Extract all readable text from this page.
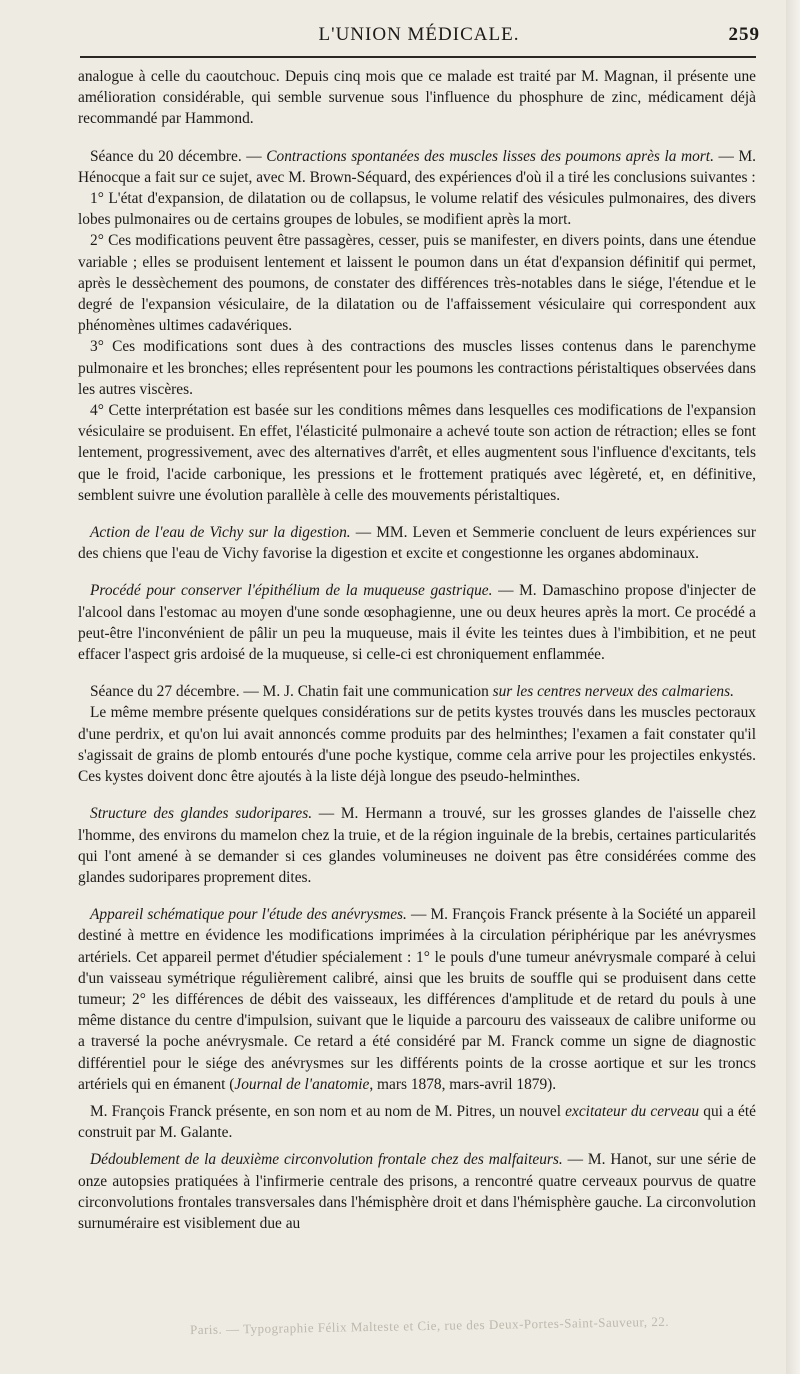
L'UNION MÉDICALE.	259

analogue à celle du caoutchouc. Depuis cinq mois que ce malade est traité par M. Magnan, il présente une amélioration considérable, qui semble survenue sous l'influence du phosphure de zinc, médicament déjà recommandé par Hammond.

Séance du 20 décembre. — Contractions spontanées des muscles lisses des poumons après la mort. — M. Hénocque a fait sur ce sujet, avec M. Brown-Séquard, des expériences d'où il a tiré les conclusions suivantes :

1° L'état d'expansion, de dilatation ou de collapsus, le volume relatif des vésicules pulmonaires, des divers lobes pulmonaires ou de certains groupes de lobules, se modifient après la mort.

2° Ces modifications peuvent être passagères, cesser, puis se manifester, en divers points, dans une étendue variable ; elles se produisent lentement et laissent le poumon dans un état d'expansion définitif qui permet, après le dessèchement des poumons, de constater des différences très-notables dans le siége, l'étendue et le degré de l'expansion vésiculaire, de la dilatation ou de l'affaissement vésiculaire qui correspondent aux phénomènes ultimes cadavériques.

3° Ces modifications sont dues à des contractions des muscles lisses contenus dans le parenchyme pulmonaire et les bronches; elles représentent pour les poumons les contractions péristaltiques observées dans les autres viscères.

4° Cette interprétation est basée sur les conditions mêmes dans lesquelles ces modifications de l'expansion vésiculaire se produisent. En effet, l'élasticité pulmonaire a achevé toute son action de rétraction; elles se font lentement, progressivement, avec des alternatives d'arrêt, et elles augmentent sous l'influence d'excitants, tels que le froid, l'acide carbonique, les pressions et le frottement pratiqués avec légèreté, et, en définitive, semblent suivre une évolution parallèle à celle des mouvements péristaltiques.

Action de l'eau de Vichy sur la digestion. — MM. Leven et Semmerie concluent de leurs expériences sur des chiens que l'eau de Vichy favorise la digestion et excite et congestionne les organes abdominaux.

Procédé pour conserver l'épithélium de la muqueuse gastrique. — M. Damaschino propose d'injecter de l'alcool dans l'estomac au moyen d'une sonde œsophagienne, une ou deux heures après la mort. Ce procédé a peut-être l'inconvénient de pâlir un peu la muqueuse, mais il évite les teintes dues à l'imbibition, et ne peut effacer l'aspect gris ardoisé de la muqueuse, si celle-ci est chroniquement enflammée.

Séance du 27 décembre. — M. J. Chatin fait une communication sur les centres nerveux des calmariens.

Le même membre présente quelques considérations sur de petits kystes trouvés dans les muscles pectoraux d'une perdrix, et qu'on lui avait annoncés comme produits par des helminthes; l'examen a fait constater qu'il s'agissait de grains de plomb entourés d'une poche kystique, comme cela arrive pour les projectiles enkystés. Ces kystes doivent donc être ajoutés à la liste déjà longue des pseudo-helminthes.

Structure des glandes sudoripares. — M. Hermann a trouvé, sur les grosses glandes de l'aisselle chez l'homme, des environs du mamelon chez la truie, et de la région inguinale de la brebis, certaines particularités qui l'ont amené à se demander si ces glandes volumineuses ne doivent pas être considérées comme des glandes sudoripares proprement dites.

Appareil schématique pour l'étude des anévrysmes. — M. François Franck présente à la Société un appareil destiné à mettre en évidence les modifications imprimées à la circulation périphérique par les anévrysmes artériels. Cet appareil permet d'étudier spécialement : 1° le pouls d'une tumeur anévrysmale comparé à celui d'un vaisseau symétrique régulièrement calibré, ainsi que les bruits de souffle qui se produisent dans cette tumeur; 2° les différences de débit des vaisseaux, les différences d'amplitude et de retard du pouls à une même distance du centre d'impulsion, suivant que le liquide a parcouru des vaisseaux de calibre uniforme ou a traversé la poche anévrysmale. Ce retard a été considéré par M. Franck comme un signe de diagnostic différentiel pour le siége des anévrysmes sur les différents points de la crosse aortique et sur les troncs artériels qui en émanent (Journal de l'anatomie, mars 1878, mars-avril 1879).

M. François Franck présente, en son nom et au nom de M. Pitres, un nouvel excitateur du cerveau qui a été construit par M. Galante.

Dédoublement de la deuxième circonvolution frontale chez des malfaiteurs. — M. Hanot, sur une série de onze autopsies pratiquées à l'infirmerie centrale des prisons, a rencontré quatre cerveaux pourvus de quatre circonvolutions frontales transversales dans l'hémisphère droit et dans l'hémisphère gauche. La circonvolution surnuméraire est visiblement due au

Paris. — Typographie Félix Malteste et Cie, rue des Deux-Portes-Saint-Sauveur, 22.
